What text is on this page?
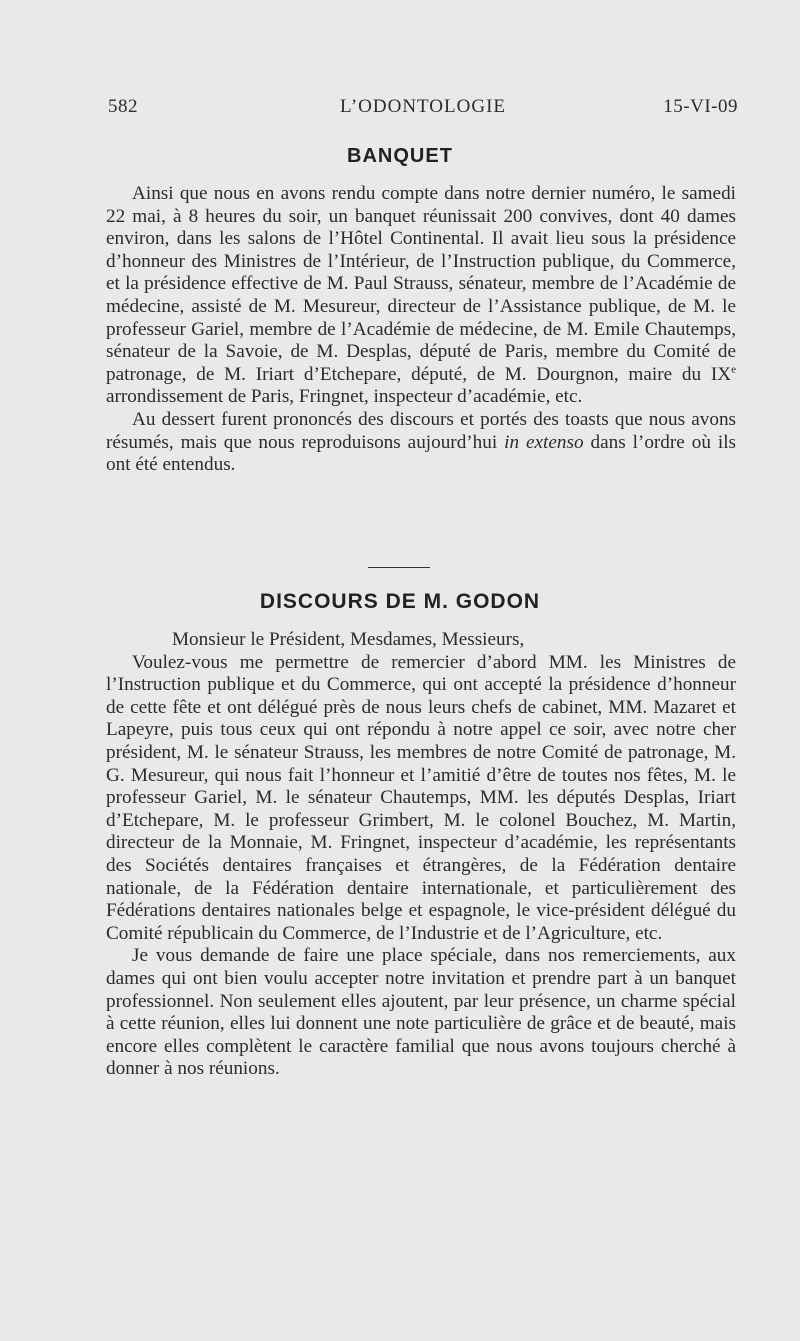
582	L’ODONTOLOGIE	15-VI-09
BANQUET

Ainsi que nous en avons rendu compte dans notre dernier numéro, le samedi 22 mai, à 8 heures du soir, un banquet réunissait 200 convives, dont 40 dames environ, dans les salons de l’Hôtel Continental. Il avait lieu sous la présidence d’honneur des Ministres de l’Intérieur, de l’Instruction publique, du Commerce, et la présidence effective de M. Paul Strauss, sénateur, membre de l’Académie de médecine, assisté de M. Mesureur, directeur de l’Assistance publique, de M. le professeur Gariel, membre de l’Académie de médecine, de M. Emile Chautemps, sénateur de la Savoie, de M. Desplas, député de Paris, membre du Comité de patronage, de M. Iriart d’Etchepare, député, de M. Dourgnon, maire du IXe arrondissement de Paris, Fringnet, inspecteur d’académie, etc.

Au dessert furent prononcés des discours et portés des toasts que nous avons résumés, mais que nous reproduisons aujourd’hui in extenso dans l’ordre où ils ont été entendus.

DISCOURS DE M. GODON

Monsieur le Président, Mesdames, Messieurs,

Voulez-vous me permettre de remercier d’abord MM. les Ministres de l’Instruction publique et du Commerce, qui ont accepté la présidence d’honneur de cette fête et ont délégué près de nous leurs chefs de cabinet, MM. Mazaret et Lapeyre, puis tous ceux qui ont répondu à notre appel ce soir, avec notre cher président, M. le sénateur Strauss, les membres de notre Comité de patronage, M. G. Mesureur, qui nous fait l’honneur et l’amitié d’être de toutes nos fêtes, M. le professeur Gariel, M. le sénateur Chautemps, MM. les députés Desplas, Iriart d’Etchepare, M. le professeur Grimbert, M. le colonel Bouchez, M. Martin, directeur de la Monnaie, M. Fringnet, inspecteur d’académie, les représentants des Sociétés dentaires françaises et étrangères, de la Fédération dentaire nationale, de la Fédération dentaire internationale, et particulièrement des Fédérations dentaires nationales belge et espagnole, le vice-président délégué du Comité républicain du Commerce, de l’Industrie et de l’Agriculture, etc.

Je vous demande de faire une place spéciale, dans nos remerciements, aux dames qui ont bien voulu accepter notre invitation et prendre part à un banquet professionnel. Non seulement elles ajoutent, par leur présence, un charme spécial à cette réunion, elles lui donnent une note particulière de grâce et de beauté, mais encore elles complètent le caractère familial que nous avons toujours cherché à donner à nos réunions.
